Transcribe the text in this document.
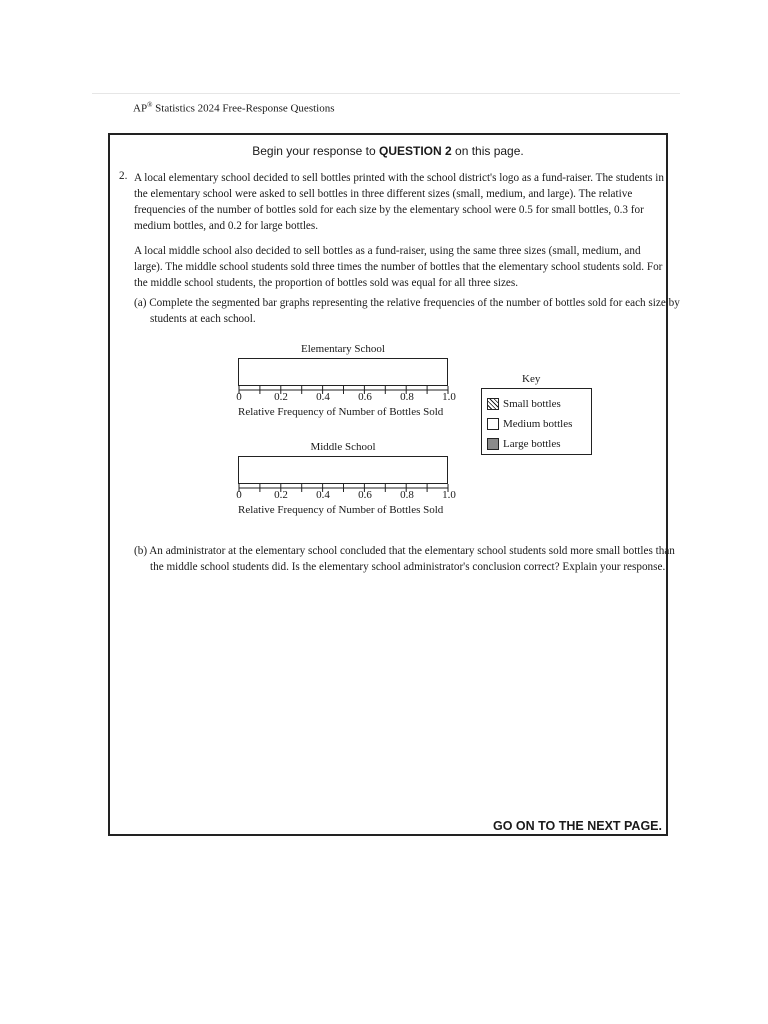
AP® Statistics 2024 Free-Response Questions
Begin your response to QUESTION 2 on this page.
2. A local elementary school decided to sell bottles printed with the school district's logo as a fund-raiser. The students in the elementary school were asked to sell bottles in three different sizes (small, medium, and large). The relative frequencies of the number of bottles sold for each size by the elementary school were 0.5 for small bottles, 0.3 for medium bottles, and 0.2 for large bottles.

A local middle school also decided to sell bottles as a fund-raiser, using the same three sizes (small, medium, and large). The middle school students sold three times the number of bottles that the elementary school students sold. For the middle school students, the proportion of bottles sold was equal for all three sizes.

(a) Complete the segmented bar graphs representing the relative frequencies of the number of bottles sold for each size by students at each school.

Elementary School
0	0.2	0.4	0.6	0.8	1.0
Relative Frequency of Number of Bottles Sold
Middle School
0	0.2	0.4	0.6	0.8	1.0
Relative Frequency of Number of Bottles Sold
Key
Small bottles
Medium bottles
Large bottles

(b) An administrator at the elementary school concluded that the elementary school students sold more small bottles than the middle school students did. Is the elementary school administrator's conclusion correct? Explain your response.

GO ON TO THE NEXT PAGE.
